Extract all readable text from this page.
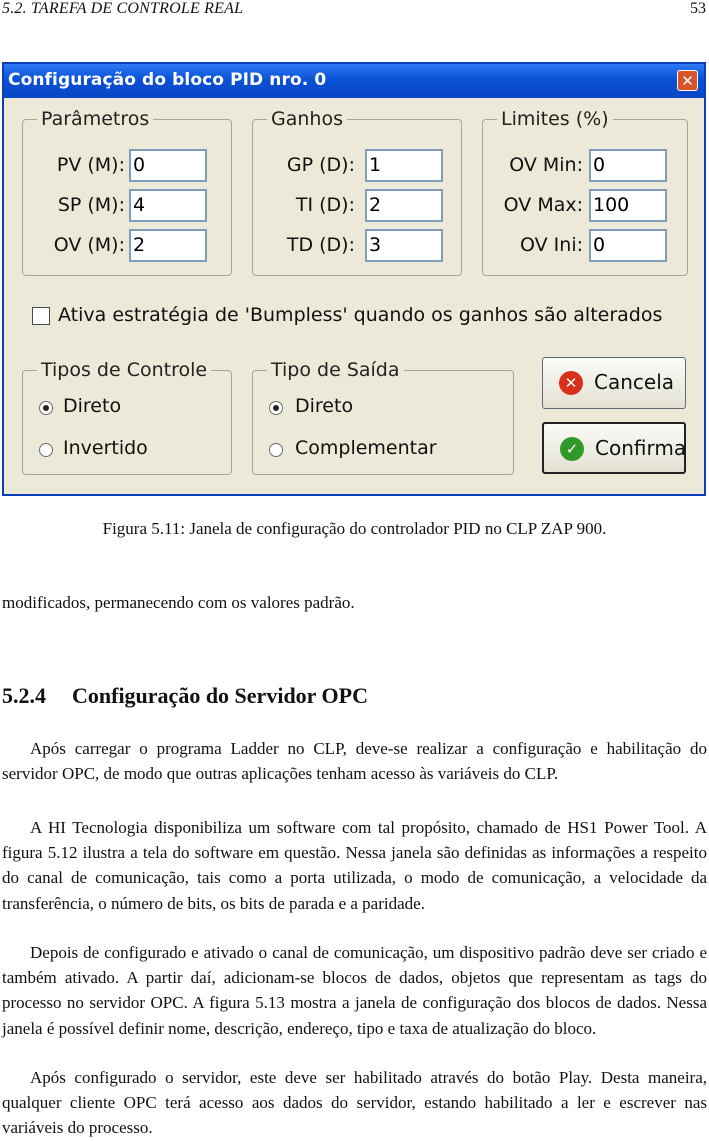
5.2. TAREFA DE CONTROLE REAL	53
Configuração do bloco PID nro. 0	✕
Parâmetros
PV (M): 0
SP (M): 4
OV (M): 2
Ganhos
GP (D): 1
TI (D): 2
TD (D): 3
Limites (%)
OV Min: 0
OV Max: 100
OV Ini: 0
Ativa estratégia de 'Bumpless' quando os ganhos são alterados
Tipos de Controle
Direto
Invertido
Tipo de Saída
Direto
Complementar
✕ Cancela
✓ Confirma
Figura 5.11: Janela de configuração do controlador PID no CLP ZAP 900.

modificados, permanecendo com os valores padrão.

5.2.4 Configuração do Servidor OPC

Após carregar o programa Ladder no CLP, deve-se realizar a configuração e habilitação do servidor OPC, de modo que outras aplicações tenham acesso às variáveis do CLP.

A HI Tecnologia disponibiliza um software com tal propósito, chamado de HS1 Power Tool. A figura 5.12 ilustra a tela do software em questão. Nessa janela são definidas as informações a respeito do canal de comunicação, tais como a porta utilizada, o modo de comunicação, a velocidade da transferência, o número de bits, os bits de parada e a paridade.

Depois de configurado e ativado o canal de comunicação, um dispositivo padrão deve ser criado e também ativado. A partir daí, adicionam-se blocos de dados, objetos que representam as tags do processo no servidor OPC. A figura 5.13 mostra a janela de configuração dos blocos de dados. Nessa janela é possível definir nome, descrição, endereço, tipo e taxa de atualização do bloco.

Após configurado o servidor, este deve ser habilitado através do botão Play. Desta maneira, qualquer cliente OPC terá acesso aos dados do servidor, estando habilitado a ler e escrever nas variáveis do processo.
